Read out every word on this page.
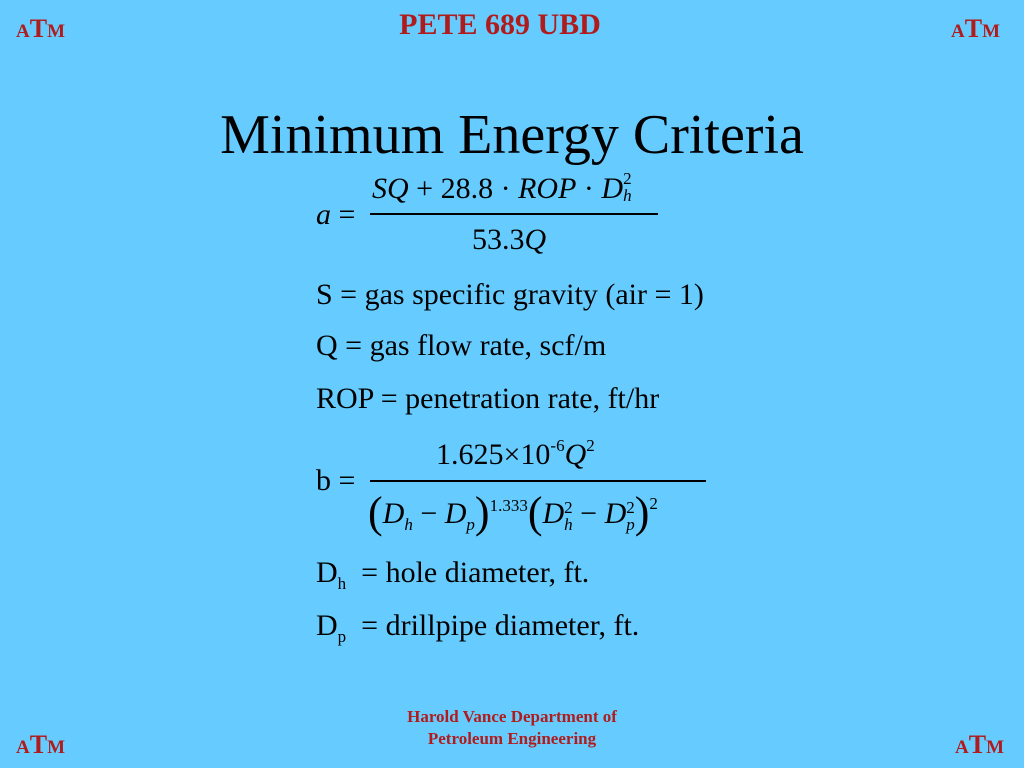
A T M	A T M
A T M	A T M
PETE 689 UBD
Minimum Energy Criteria
a =
SQ + 28.8 · ROP · D 2
h
53.3Q
S = gas specific gravity (air = 1)
Q = gas flow rate, scf/m
ROP = penetration rate, ft/hr
b =
$1.625\times 10^{-6}Q^2$
$(D_h - D_p)^{1.333}(D$ 2
h − D 2
p )$^2$
$D_h$ = hole diameter, ft.
$D_p$ = drillpipe diameter, ft.
Harold Vance Department of
Petroleum Engineering
